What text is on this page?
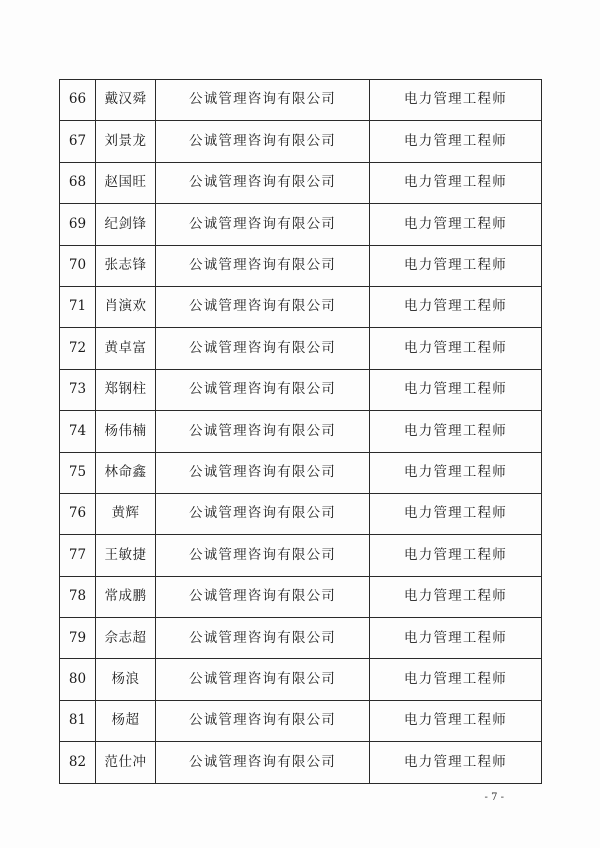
66	戴汉舜	公诚管理咨询有限公司	电力管理工程师
67	刘景龙	公诚管理咨询有限公司	电力管理工程师
68	赵国旺	公诚管理咨询有限公司	电力管理工程师
69	纪剑锋	公诚管理咨询有限公司	电力管理工程师
70	张志锋	公诚管理咨询有限公司	电力管理工程师
71	肖演欢	公诚管理咨询有限公司	电力管理工程师
72	黄卓富	公诚管理咨询有限公司	电力管理工程师
73	郑钢柱	公诚管理咨询有限公司	电力管理工程师
74	杨伟楠	公诚管理咨询有限公司	电力管理工程师
75	林命鑫	公诚管理咨询有限公司	电力管理工程师
76	黄辉	公诚管理咨询有限公司	电力管理工程师
77	王敏捷	公诚管理咨询有限公司	电力管理工程师
78	常成鹏	公诚管理咨询有限公司	电力管理工程师
79	佘志超	公诚管理咨询有限公司	电力管理工程师
80	杨浪	公诚管理咨询有限公司	电力管理工程师
81	杨超	公诚管理咨询有限公司	电力管理工程师
82	范仕冲	公诚管理咨询有限公司	电力管理工程师
- 7 -
